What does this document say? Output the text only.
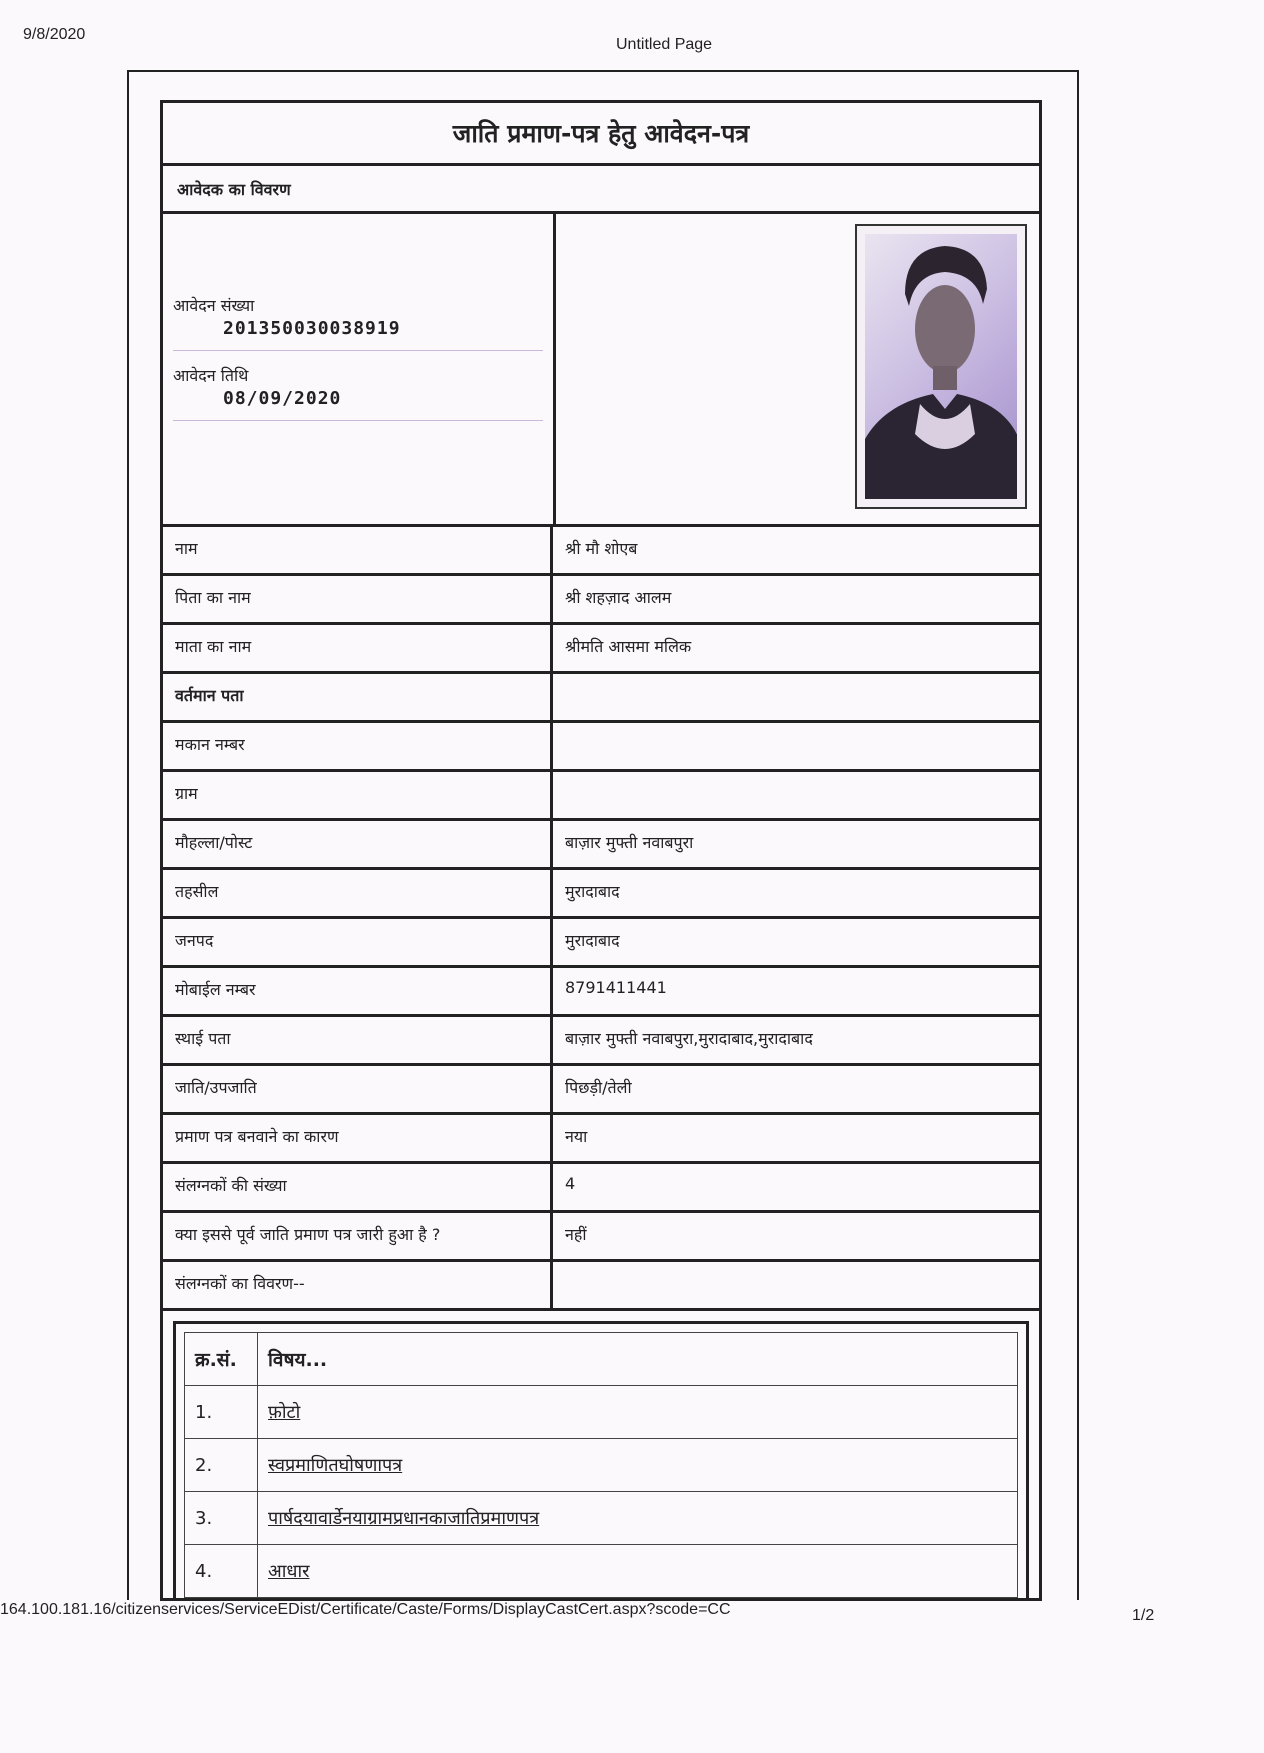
9/8/2020
Untitled Page
जाति प्रमाण-पत्र हेतु आवेदन-पत्र
आवेदक का विवरण
आवेदन संख्या
201350030038919
आवेदन तिथि
08/09/2020
नाम	श्री मौ शोएब
पिता का नाम	श्री शहज़ाद आलम
माता का नाम	श्रीमति आसमा मलिक
वर्तमान पता
मकान नम्बर
ग्राम
मौहल्ला/पोस्ट	बाज़ार मुफ्ती नवाबपुरा
तहसील	मुरादाबाद
जनपद	मुरादाबाद
मोबाईल नम्बर	8791411441
स्थाई पता	बाज़ार मुफ्ती नवाबपुरा,मुरादाबाद,मुरादाबाद
जाति/उपजाति	पिछड़ी/तेली
प्रमाण पत्र बनवाने का कारण	नया
संलग्नकों की संख्या	4
क्या इससे पूर्व जाति प्रमाण पत्र जारी हुआ है ?	नहीं
संलग्नकों का विवरण--
क्र.सं.	विषय...
1.	फ़ोटो
2.	स्वप्रमाणितघोषणापत्र
3.	पार्षदयावार्डेनयाग्रामप्रधानकाजातिप्रमाणपत्र
4.	आधार
164.100.181.16/citizenservices/ServiceEDist/Certificate/Caste/Forms/DisplayCastCert.aspx?scode=CC	1/2
